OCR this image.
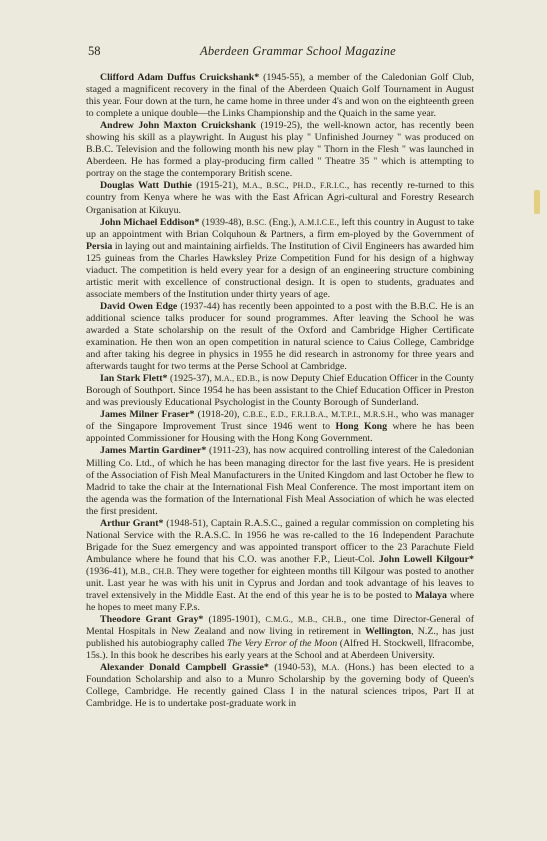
58	Aberdeen Grammar School Magazine

Clifford Adam Duffus Cruickshank* (1945-55), a member of the Caledonian Golf Club, staged a magnificent recovery in the final of the Aberdeen Quaich Golf Tournament in August this year. Four down at the turn, he came home in three under 4's and won on the eighteenth green to complete a unique double—the Links Championship and the Quaich in the same year.

Andrew John Maxton Cruickshank (1919-25), the well-known actor, has recently been showing his skill as a playwright. In August his play " Unfinished Journey " was produced on B.B.C. Television and the following month his new play " Thorn in the Flesh " was launched in Aberdeen. He has formed a play-producing firm called " Theatre 35 " which is attempting to portray on the stage the contemporary British scene.

Douglas Watt Duthie (1915-21), M.A., B.SC., PH.D., F.R.I.C., has recently re-turned to this country from Kenya where he was with the East African Agri-cultural and Forestry Research Organisation at Kikuyu.

John Michael Eddison* (1939-48), B.SC. (Eng.), A.M.I.C.E., left this country in August to take up an appointment with Brian Colquhoun & Partners, a firm em-ployed by the Government of Persia in laying out and maintaining airfields. The Institution of Civil Engineers has awarded him 125 guineas from the Charles Hawksley Prize Competition Fund for his design of a highway viaduct. The competition is held every year for a design of an engineering structure combining artistic merit with excellence of constructional design. It is open to students, graduates and associate members of the Institution under thirty years of age.

David Owen Edge (1937-44) has recently been appointed to a post with the B.B.C. He is an additional science talks producer for sound programmes. After leaving the School he was awarded a State scholarship on the result of the Oxford and Cambridge Higher Certificate examination. He then won an open competition in natural science to Caius College, Cambridge and after taking his degree in physics in 1955 he did research in astronomy for three years and afterwards taught for two terms at the Perse School at Cambridge.

Ian Stark Flett* (1925-37), M.A., ED.B., is now Deputy Chief Education Officer in the County Borough of Southport. Since 1954 he has been assistant to the Chief Education Officer in Preston and was previously Educational Psychologist in the County Borough of Sunderland.

James Milner Fraser* (1918-20), C.B.E., E.D., F.R.I.B.A., M.T.P.I., M.R.S.H., who was manager of the Singapore Improvement Trust since 1946 went to Hong Kong where he has been appointed Commissioner for Housing with the Hong Kong Government.

James Martin Gardiner* (1911-23), has now acquired controlling interest of the Caledonian Milling Co. Ltd., of which he has been managing director for the last five years. He is president of the Association of Fish Meal Manufacturers in the United Kingdom and last October he flew to Madrid to take the chair at the International Fish Meal Conference. The most important item on the agenda was the formation of the International Fish Meal Association of which he was elected the first president.

Arthur Grant* (1948-51), Captain R.A.S.C., gained a regular commission on completing his National Service with the R.A.S.C. In 1956 he was re-called to the 16 Independent Parachute Brigade for the Suez emergency and was appointed transport officer to the 23 Parachute Field Ambulance where he found that his C.O. was another F.P., Lieut-Col. John Lowell Kilgour* (1936-41), M.B., CH.B. They were together for eighteen months till Kilgour was posted to another unit. Last year he was with his unit in Cyprus and Jordan and took advantage of his leaves to travel extensively in the Middle East. At the end of this year he is to be posted to Malaya where he hopes to meet many F.P.s.

Theodore Grant Gray* (1895-1901), C.M.G., M.B., CH.B., one time Director-General of Mental Hospitals in New Zealand and now living in retirement in Wellington, N.Z., has just published his autobiography called The Very Error of the Moon (Alfred H. Stockwell, Ilfracombe, 15s.). In this book he describes his early years at the School and at Aberdeen University.

Alexander Donald Campbell Grassie* (1940-53), M.A. (Hons.) has been elected to a Foundation Scholarship and also to a Munro Scholarship by the governing body of Queen's College, Cambridge. He recently gained Class I in the natural sciences tripos, Part II at Cambridge. He is to undertake post-graduate work in
